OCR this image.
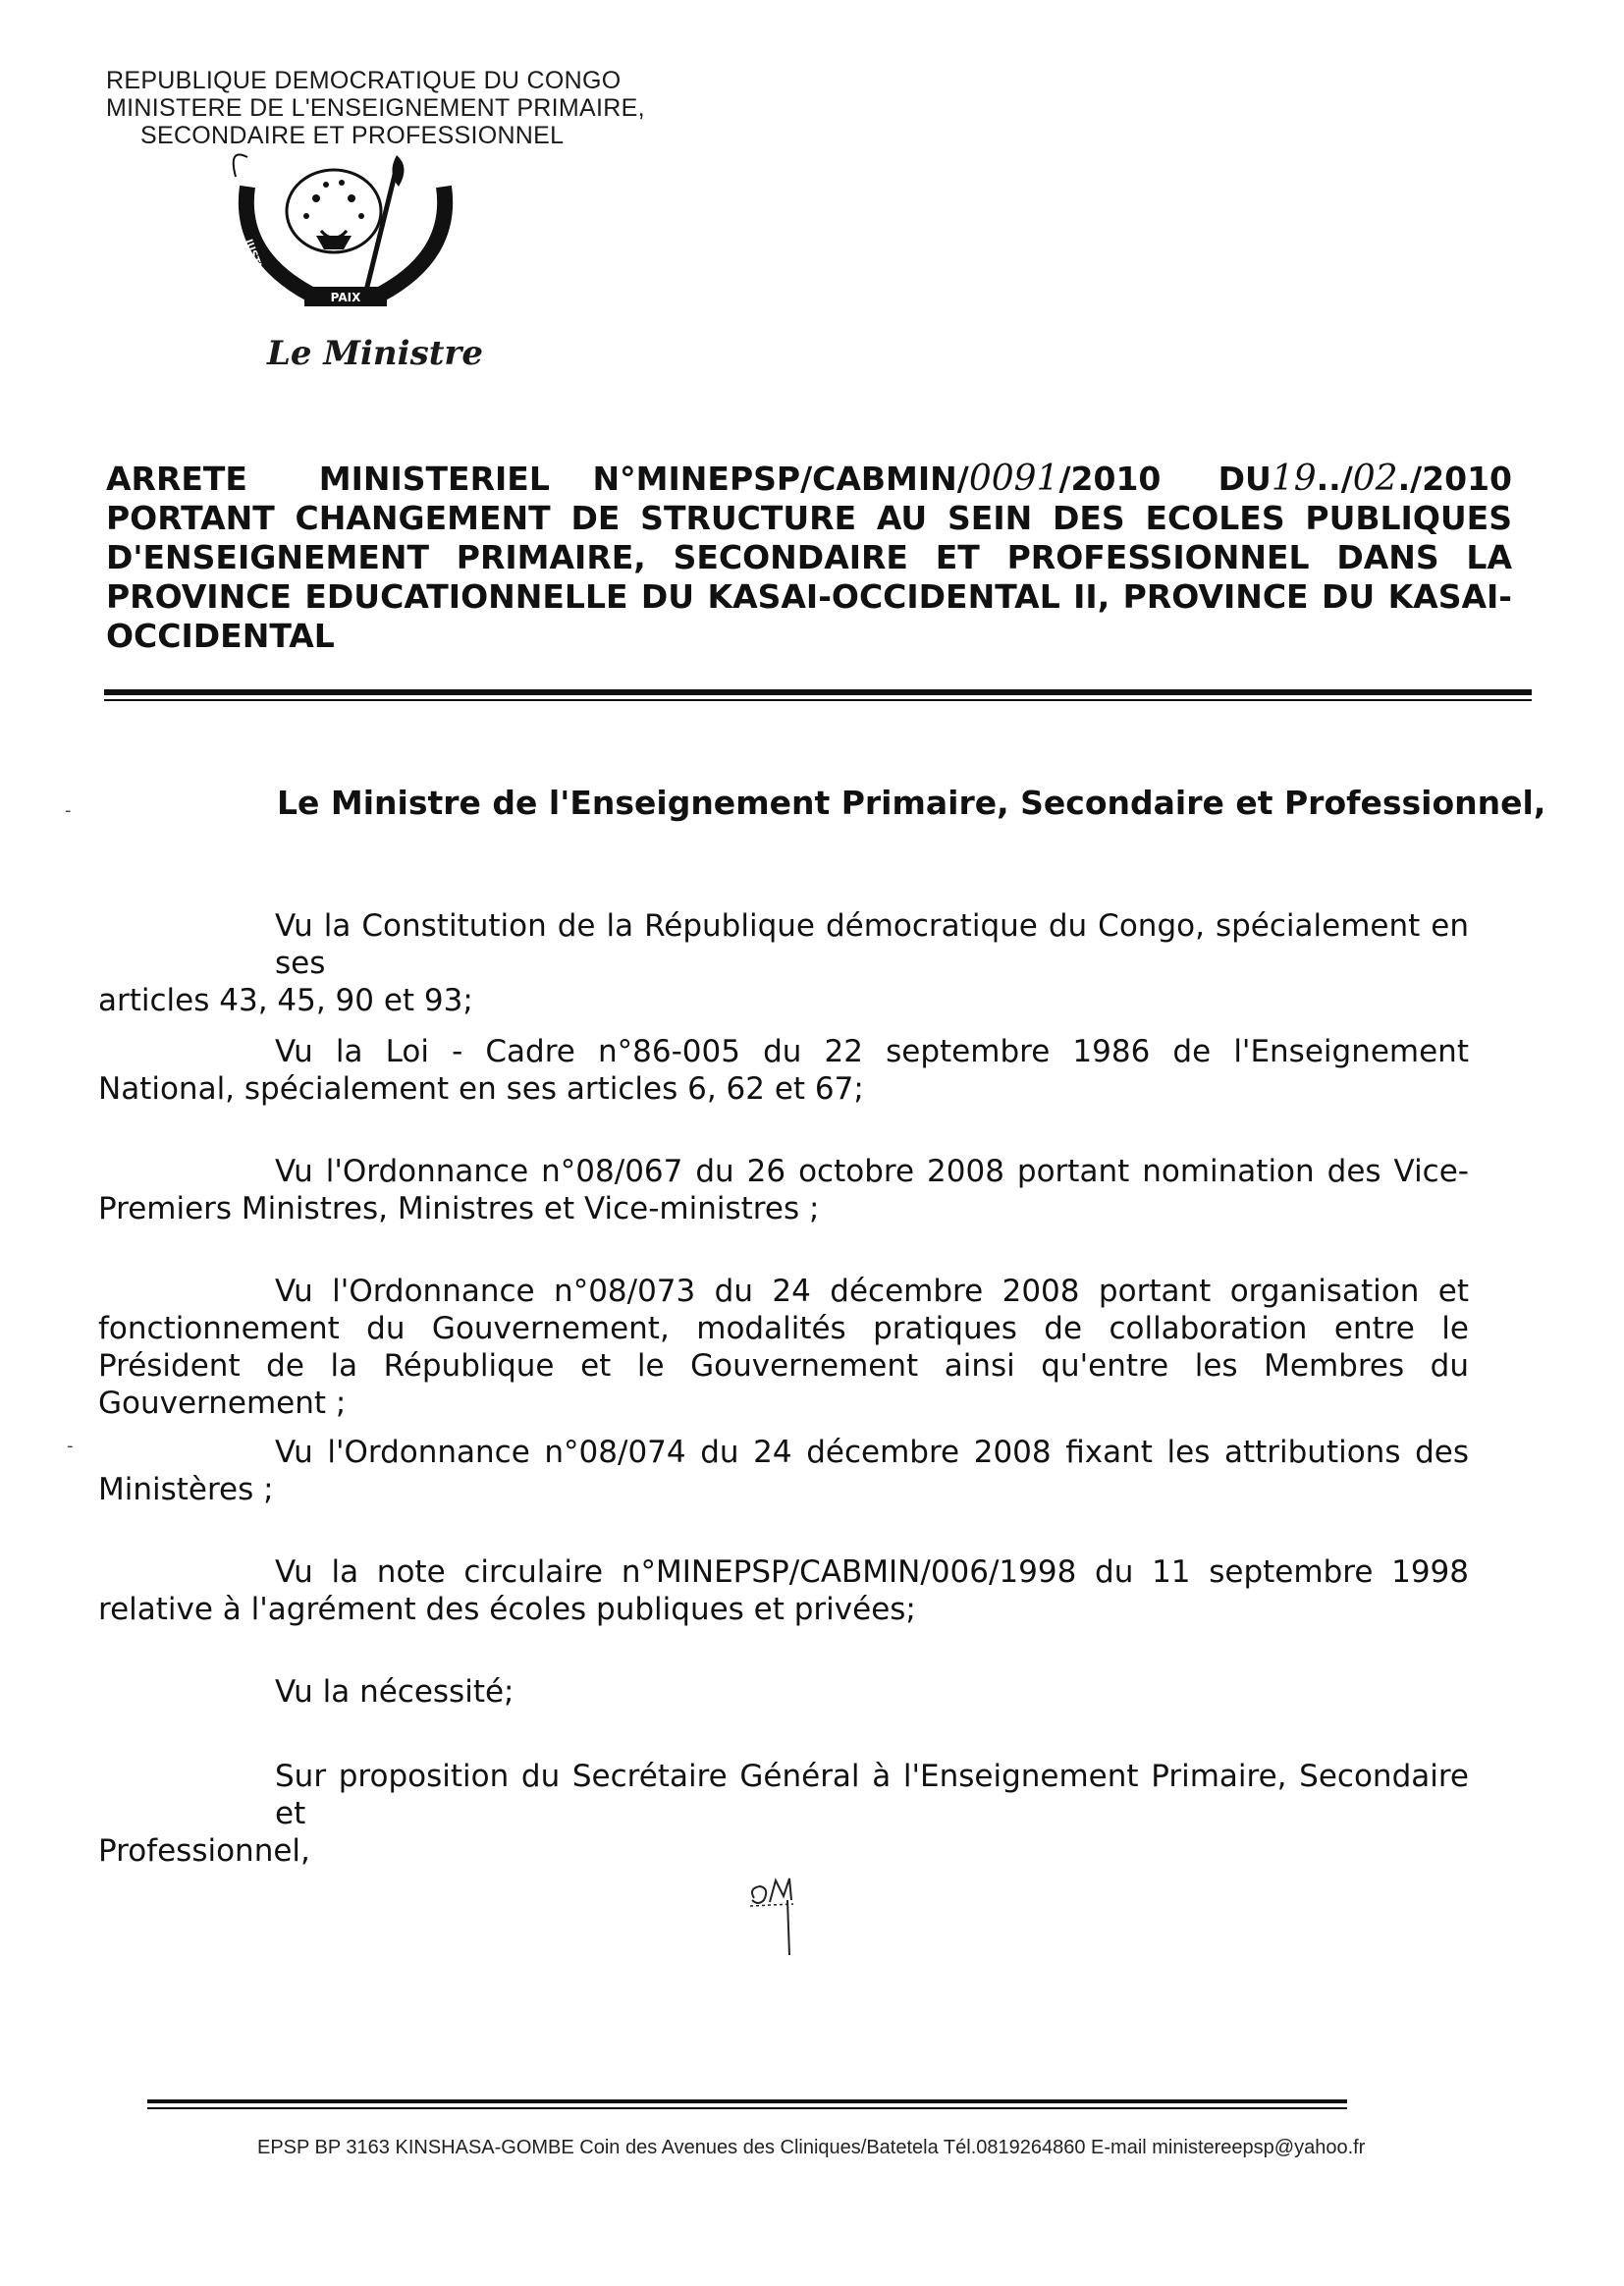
REPUBLIQUE DEMOCRATIQUE DU CONGO
MINISTERE DE L'ENSEIGNEMENT PRIMAIRE,
SECONDAIRE ET PROFESSIONNEL
PAIX
JUSTICE
TRAVAIL
Le Ministre
ARRETE MINISTERIEL N°MINEPSP/CABMIN/0091/2010 DU19../02./2010
PORTANT CHANGEMENT DE STRUCTURE AU SEIN DES ECOLES PUBLIQUES
D'ENSEIGNEMENT PRIMAIRE, SECONDAIRE ET PROFESSIONNEL DANS LA
PROVINCE EDUCATIONNELLE DU KASAI-OCCIDENTAL II, PROVINCE DU KASAI-
OCCIDENTAL
-
-
Le Ministre de l'Enseignement Primaire, Secondaire et Professionnel,
Vu la Constitution de la République démocratique du Congo, spécialement en ses
articles 43, 45, 90 et 93;
Vu la Loi - Cadre n°86-005 du 22 septembre 1986 de l'Enseignement
National, spécialement en ses articles 6, 62 et 67;
Vu l'Ordonnance n°08/067 du 26 octobre 2008 portant nomination des Vice-
Premiers Ministres, Ministres et Vice-ministres ;
Vu l'Ordonnance n°08/073 du 24 décembre 2008 portant organisation et
fonctionnement du Gouvernement, modalités pratiques de collaboration entre le Président de la République et le Gouvernement ainsi qu'entre les Membres du Gouvernement ;
Vu l'Ordonnance n°08/074 du 24 décembre 2008 fixant les attributions des
Ministères ;
Vu la note circulaire n°MINEPSP/CABMIN/006/1998 du 11 septembre 1998
relative à l'agrément des écoles publiques et privées;
Vu la nécessité;
Sur proposition du Secrétaire Général à l'Enseignement Primaire, Secondaire et
Professionnel,
EPSP BP 3163 KINSHASA-GOMBE Coin des Avenues des Cliniques/Batetela Tél.0819264860 E-mail ministereepsp@yahoo.fr
